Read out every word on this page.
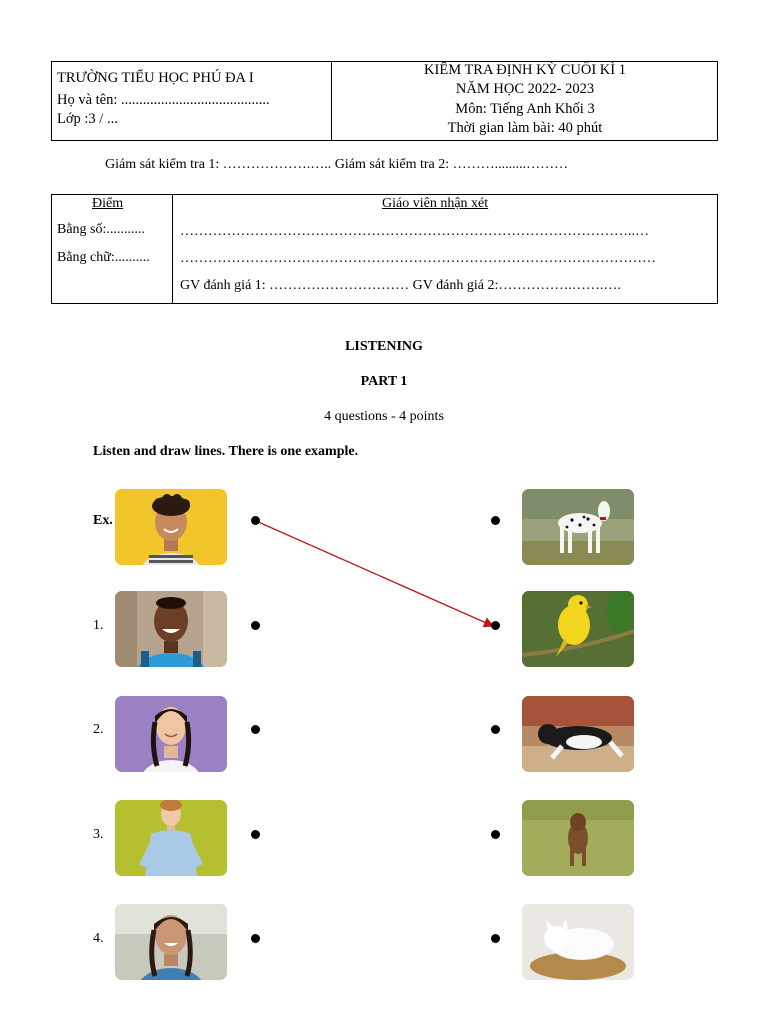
TRƯỜNG TIỂU HỌC PHÚ ĐA I
Họ và tên: .........................................
Lớp :3 / ...
KIỂM TRA ĐỊNH KỲ CUỐI KÌ 1
NĂM HỌC 2022- 2023
Môn: Tiếng Anh Khối 3
Thời gian làm bài: 40 phút
Giám sát kiểm tra 1: ……………….….. Giám sát kiểm tra 2: ……….........………
Điểm
Bằng số:...........
Bằng chữ:..........
Giáo viên nhận xét
……………………………………………………………………………………..…
…………………………………………………………………………………………
GV đánh giá 1: ………………………… GV đánh giá 2:…………….…….….
LISTENING
PART 1
4 questions - 4 points
Listen and draw lines. There is one example.
Ex.
1.
2.
3.
4.
